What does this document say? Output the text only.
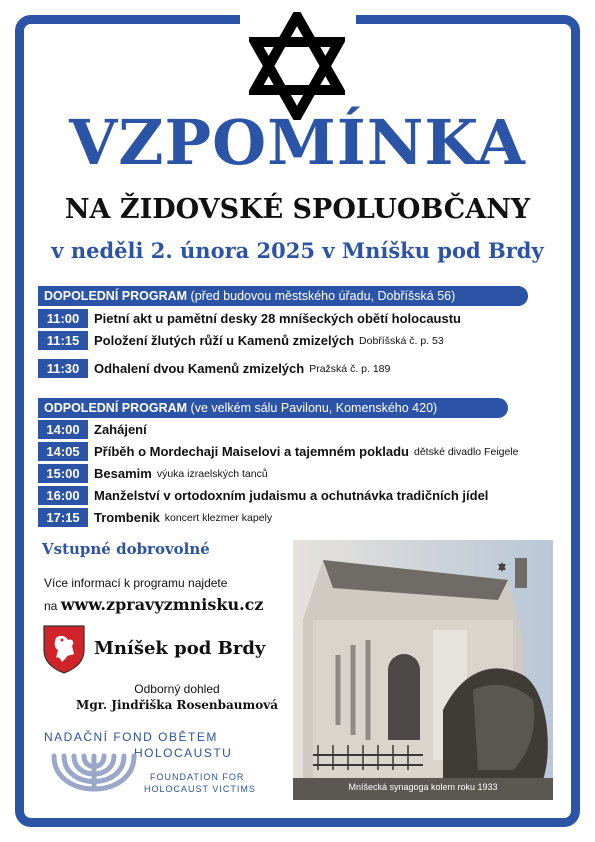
VZPOMÍNKA
NA ŽIDOVSKÉ SPOLUOBČANY
v neděli 2. února 2025 v Mníšku pod Brdy
DOPOLEDNÍ PROGRAM (před budovou městského úřadu, Dobříšská 56)
11:00	Pietní akt u pamětní desky 28 mníšeckých obětí holocaustu
11:15	Položení žlutých růží u Kamenů zmizelých Dobříšská č. p. 53
11:30	Odhalení dvou Kamenů zmizelých Pražská č. p. 189
ODPOLEDNÍ PROGRAM (ve velkém sálu Pavilonu, Komenského 420)
14:00	Zahájení
14:05	Příběh o Mordechaji Maiselovi a tajemném pokladu dětské divadlo Feigele
15:00	Besamim výuka izraelských tanců
16:00	Manželství v ortodoxním judaismu a ochutnávka tradičních jídel
17:15	Trombenik koncert klezmer kapely
Vstupné dobrovolné
Více informací k programu najdete
na www.zpravyzmnisku.cz
Mníšek pod Brdy
Odborný dohled
Mgr. Jindřiška Rosenbaumová
NADAČNÍ FOND OBĚTEM
HOLOCAUSTU
FOUNDATION FOR
HOLOCAUST VICTIMS	Mníšecká synagoga kolem roku 1933
